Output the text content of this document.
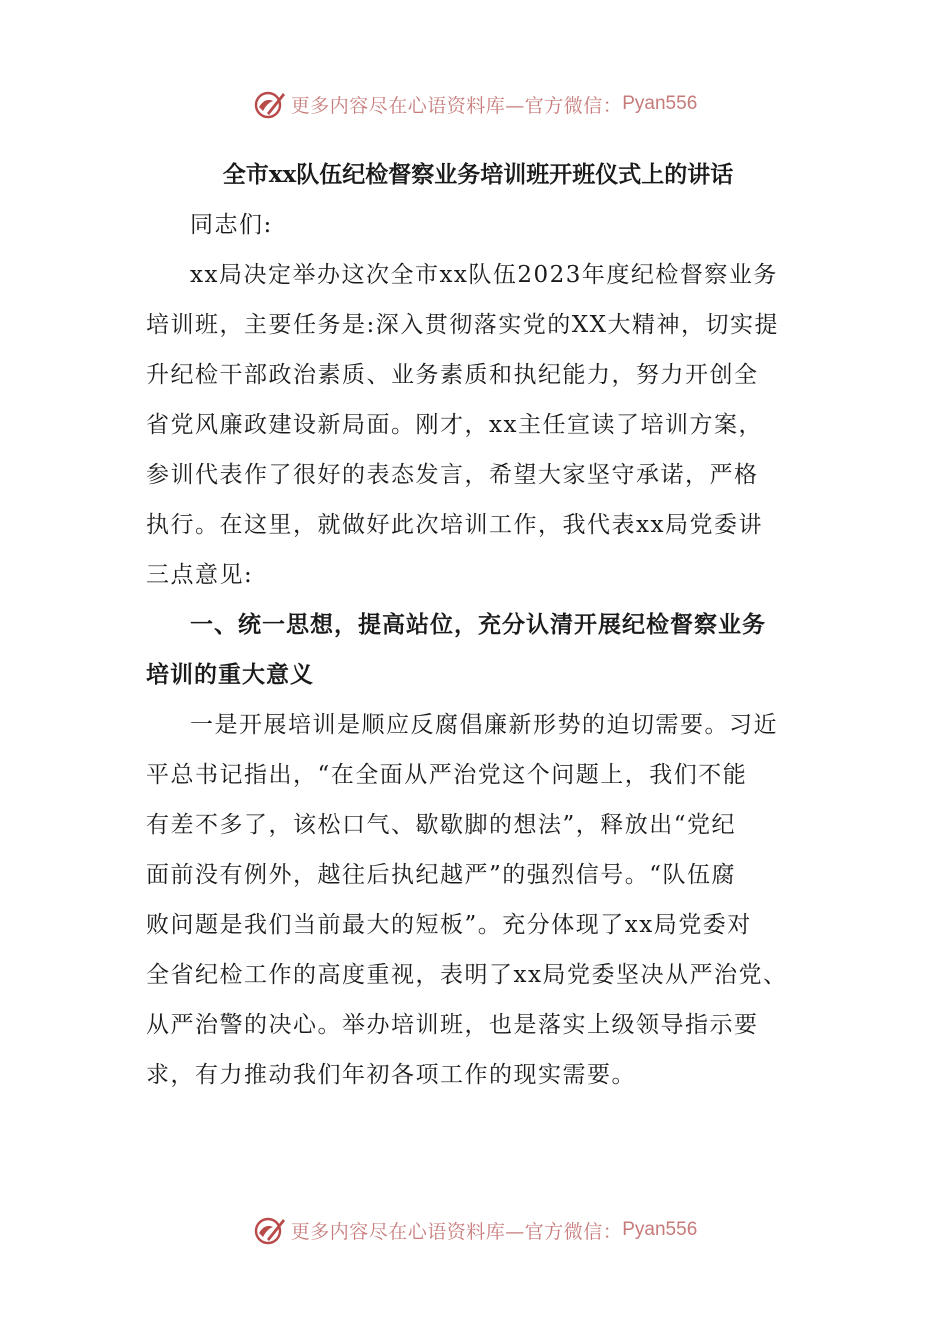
更多内容尽在心语资料库—官方微信： Pyan556
全市xx队伍纪检督察业务培训班开班仪式上的讲话

同志们:

xx局决定举办这次全市xx队伍2023年度纪检督察业务
培训班，主要任务是:深入贯彻落实党的XX大精神，切实提
升纪检干部政治素质、业务素质和执纪能力，努力开创全
省党风廉政建设新局面。刚才，xx主任宣读了培训方案，
参训代表作了很好的表态发言，希望大家坚守承诺，严格
执行。在这里，就做好此次培训工作，我代表xx局党委讲
三点意见:

一、统一思想，提高站位，充分认清开展纪检督察业务
培训的重大意义

一是开展培训是顺应反腐倡廉新形势的迫切需要。习近
平总书记指出，“在全面从严治党这个问题上，我们不能
有差不多了，该松口气、歇歇脚的想法”，释放出“党纪
面前没有例外，越往后执纪越严”的强烈信号。“队伍腐
败问题是我们当前最大的短板”。充分体现了xx局党委对
全省纪检工作的高度重视，表明了xx局党委坚决从严治党、
从严治警的决心。举办培训班，也是落实上级领导指示要
求，有力推动我们年初各项工作的现实需要。

更多内容尽在心语资料库—官方微信： Pyan556
